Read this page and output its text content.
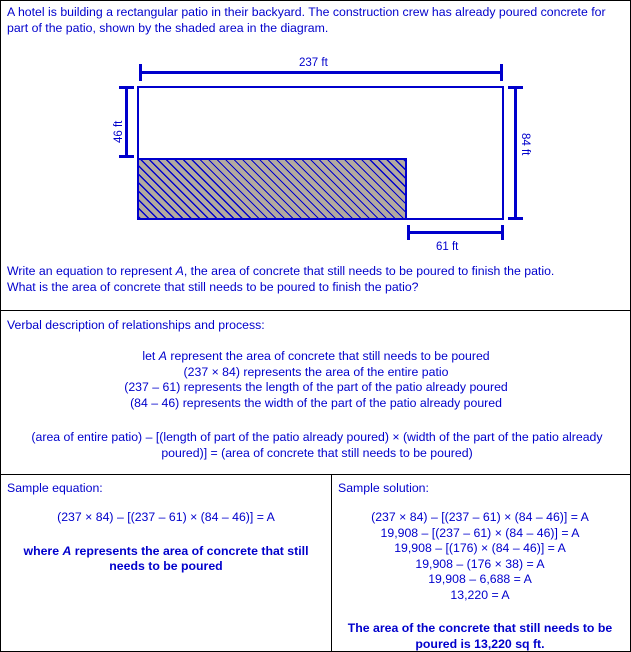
A hotel is building a rectangular patio in their backyard. The construction crew has already poured concrete for part of the patio, shown by the shaded area in the diagram.
237 ft
46 ft
84 ft
61 ft
Write an equation to represent A, the area of concrete that still needs to be poured to finish the patio.
What is the area of concrete that still needs to be poured to finish the patio?
Verbal description of relationships and process:
let A represent the area of concrete that still needs to be poured
(237 × 84) represents the area of the entire patio
(237 – 61) represents the length of the part of the patio already poured
(84 – 46) represents the width of the part of the patio already poured
(area of entire patio) – [(length of part of the patio already poured) × (width of the part of the patio already poured)] = (area of concrete that still needs to be poured)
Sample equation:
(237 × 84) – [(237 – 61) × (84 – 46)] = A
where A represents the area of concrete that still needs to be poured
Sample solution:
(237 × 84) – [(237 – 61) × (84 – 46)] = A
19,908 – [(237 – 61) × (84 – 46)] = A
19,908 – [(176) × (84 – 46)] = A
19,908 – (176 × 38) = A
19,908 – 6,688 = A
13,220 = A
The area of the concrete that still needs to be poured is 13,220 sq ft.
